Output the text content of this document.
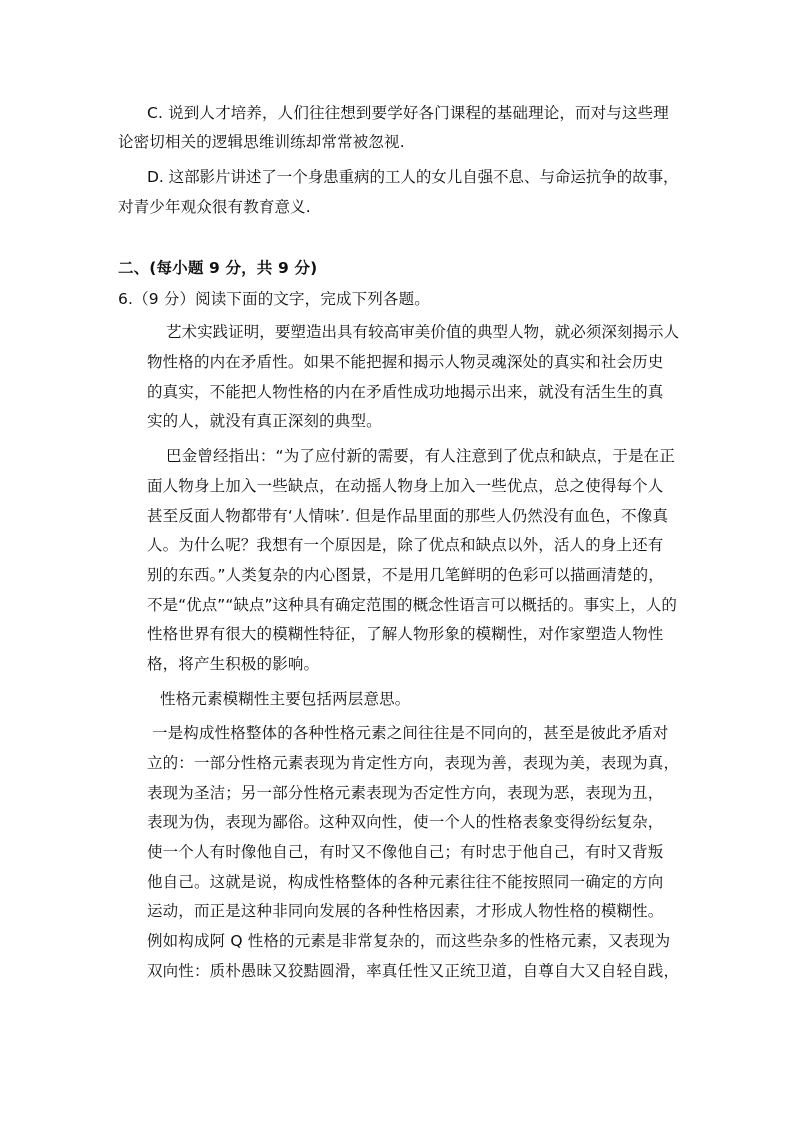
C. 说到人才培养，人们往往想到要学好各门课程的基础理论，而对与这些理
论密切相关的逻辑思维训练却常常被忽视.
D. 这部影片讲述了一个身患重病的工人的女儿自强不息、与命运抗争的故事，
对青少年观众很有教育意义.
二、(每小题 9 分，共 9 分)
6.（9 分）阅读下面的文字，完成下列各题。
艺术实践证明，要塑造出具有较高审美价值的典型人物，就必须深刻揭示人
物性格的内在矛盾性。如果不能把握和揭示人物灵魂深处的真实和社会历史
的真实，不能把人物性格的内在矛盾性成功地揭示出来，就没有活生生的真
实的人，就没有真正深刻的典型。
巴金曾经指出：“为了应付新的需要，有人注意到了优点和缺点，于是在正
面人物身上加入一些缺点，在动摇人物身上加入一些优点，总之使得每个人
甚至反面人物都带有‘人情味’. 但是作品里面的那些人仍然没有血色，不像真
人。为什么呢？我想有一个原因是，除了优点和缺点以外，活人的身上还有
别的东西。”人类复杂的内心图景，不是用几笔鲜明的色彩可以描画清楚的，
不是“优点”“缺点”这种具有确定范围的概念性语言可以概括的。事实上，人的
性格世界有很大的模糊性特征，了解人物形象的模糊性，对作家塑造人物性
格，将产生积极的影响。
性格元素模糊性主要包括两层意思。
一是构成性格整体的各种性格元素之间往往是不同向的，甚至是彼此矛盾对
立的：一部分性格元素表现为肯定性方向，表现为善，表现为美，表现为真，
表现为圣洁；另一部分性格元素表现为否定性方向，表现为恶，表现为丑，
表现为伪，表现为鄙俗。这种双向性，使一个人的性格表象变得纷纭复杂，
使一个人有时像他自己，有时又不像他自己；有时忠于他自己，有时又背叛
他自己。这就是说，构成性格整体的各种元素往往不能按照同一确定的方向
运动，而正是这种非同向发展的各种性格因素，才形成人物性格的模糊性。
例如构成阿 Q 性格的元素是非常复杂的，而这些杂多的性格元素，又表现为
双向性：质朴愚昧又狡黠圆滑，率真任性又正统卫道，自尊自大又自轻自践，
